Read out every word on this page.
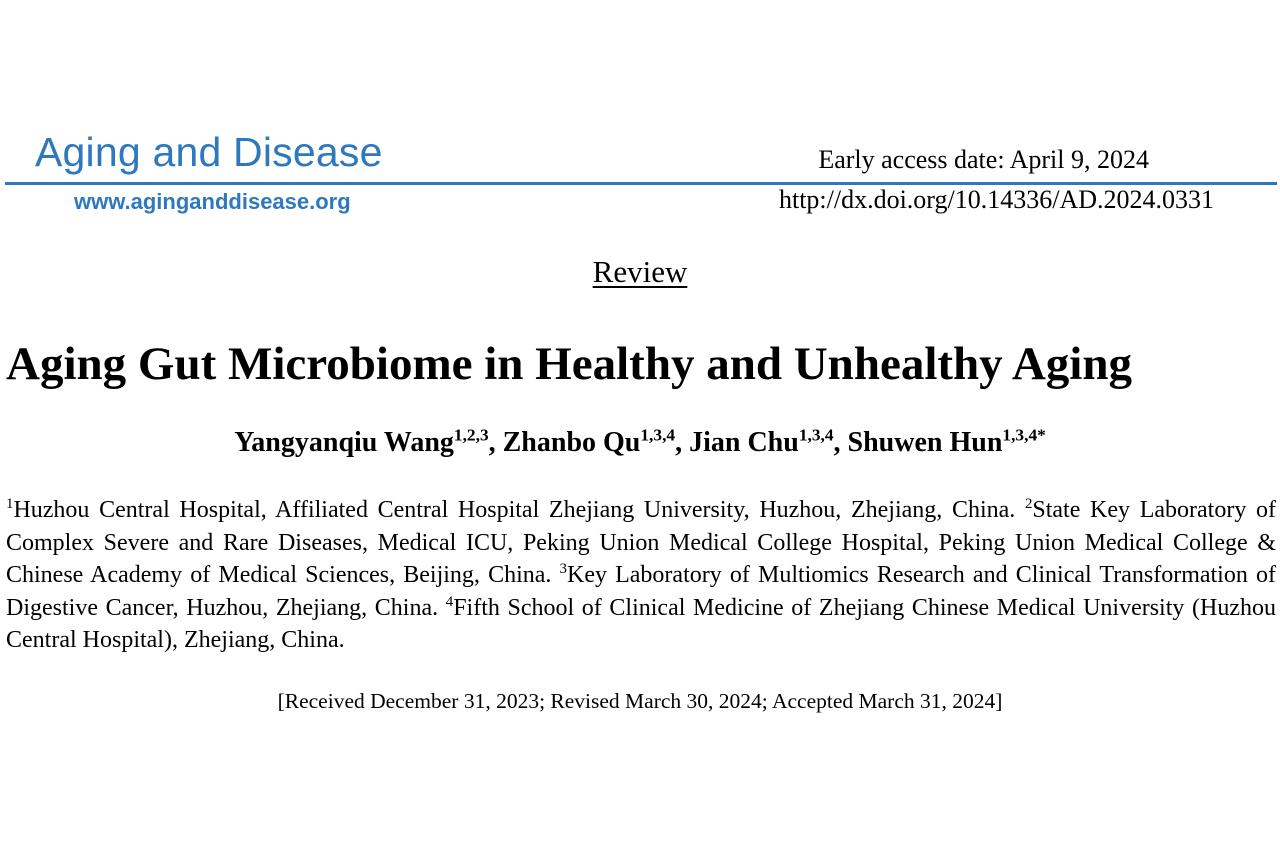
Aging and Disease
www.aginganddisease.org
Early access date: April 9, 2024
http://dx.doi.org/10.14336/AD.2024.0331
Review
Aging Gut Microbiome in Healthy and Unhealthy Aging
Yangyanqiu Wang$^{1,2,3}$, Zhanbo Qu$^{1,3,4}$, Jian Chu$^{1,3,4}$, Shuwen Hun$^{1,3,4*}$
$^1$Huzhou Central Hospital, Affiliated Central Hospital Zhejiang University, Huzhou, Zhejiang, China. $^2$State Key Laboratory of Complex Severe and Rare Diseases, Medical ICU, Peking Union Medical College Hospital, Peking Union Medical College & Chinese Academy of Medical Sciences, Beijing, China. $^3$Key Laboratory of Multiomics Research and Clinical Transformation of Digestive Cancer, Huzhou, Zhejiang, China. $^4$Fifth School of Clinical Medicine of Zhejiang Chinese Medical University (Huzhou Central Hospital), Zhejiang, China.
[Received December 31, 2023; Revised March 30, 2024; Accepted March 31, 2024]
